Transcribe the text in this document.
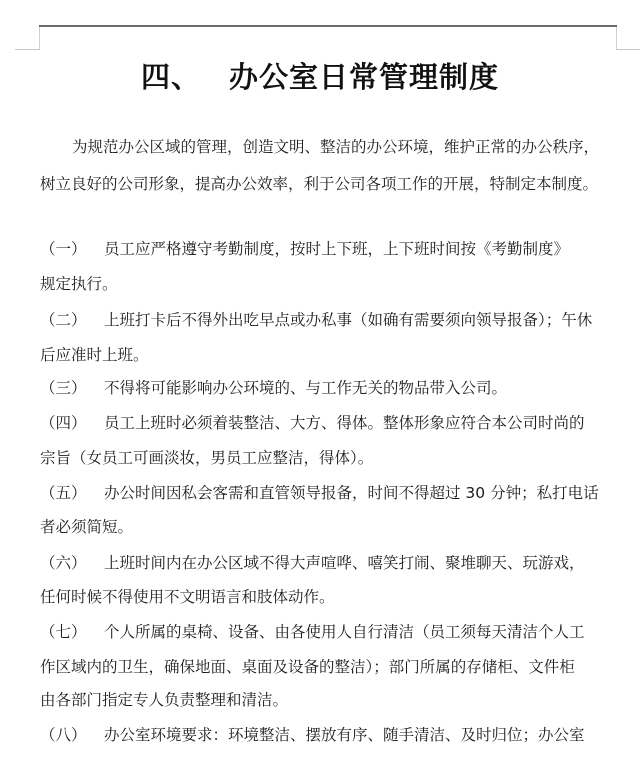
四、 办公室日常管理制度
为规范办公区域的管理，创造文明、整洁的办公环境，维护正常的办公秩序，
树立良好的公司形象，提高办公效率，利于公司各项工作的开展，特制定本制度。
（一） 员工应严格遵守考勤制度，按时上下班，上下班时间按《考勤制度》
规定执行。
（二） 上班打卡后不得外出吃早点或办私事（如确有需要须向领导报备）；午休
后应准时上班。
（三） 不得将可能影响办公环境的、与工作无关的物品带入公司。
（四） 员工上班时必须着装整洁、大方、得体。整体形象应符合本公司时尚的
宗旨（女员工可画淡妆，男员工应整洁，得体）。
（五） 办公时间因私会客需和直管领导报备，时间不得超过 30 分钟；私打电话
者必须简短。
（六） 上班时间内在办公区域不得大声喧哗、嘻笑打闹、聚堆聊天、玩游戏，
任何时候不得使用不文明语言和肢体动作。
（七） 个人所属的桌椅、设备、由各使用人自行清洁（员工须每天清洁个人工
作区域内的卫生，确保地面、桌面及设备的整洁）；部门所属的存储柜、文件柜
由各部门指定专人负责整理和清洁。
（八） 办公室环境要求：环境整洁、摆放有序、随手清洁、及时归位；办公室
